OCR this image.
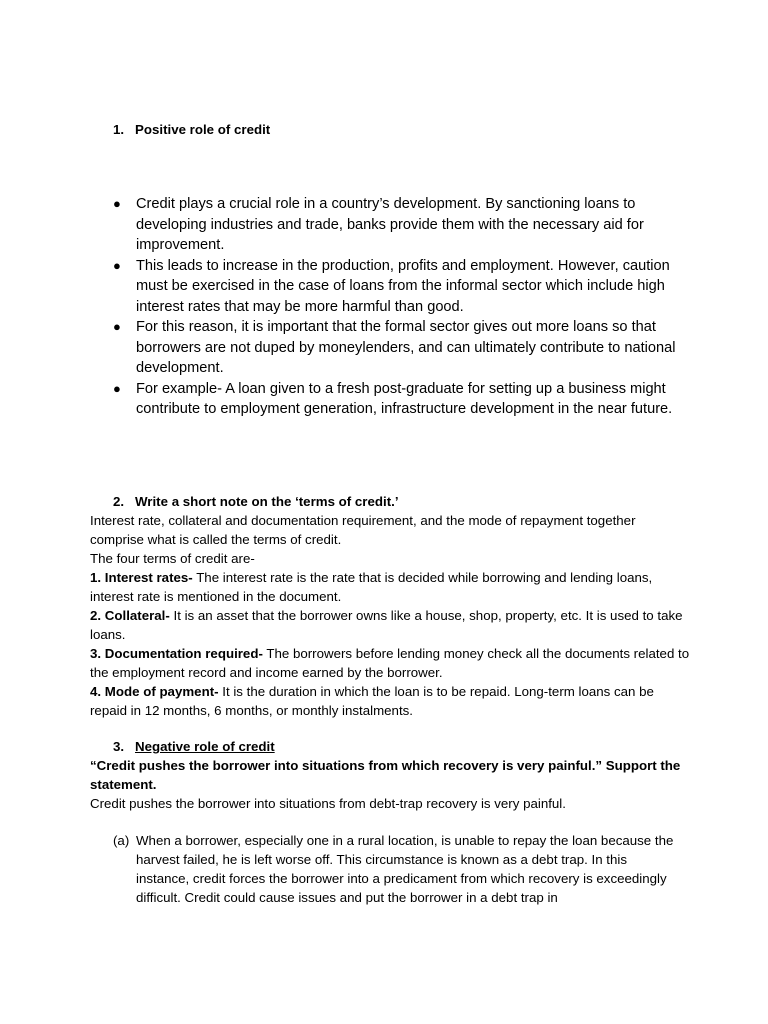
1. Positive role of credit
● Credit plays a crucial role in a country’s development. By sanctioning loans to developing industries and trade, banks provide them with the necessary aid for improvement.
● This leads to increase in the production, profits and employment. However, caution must be exercised in the case of loans from the informal sector which include high interest rates that may be more harmful than good.
● For this reason, it is important that the formal sector gives out more loans so that borrowers are not duped by moneylenders, and can ultimately contribute to national development.
● For example- A loan given to a fresh post-graduate for setting up a business might contribute to employment generation, infrastructure development in the near future.
2. Write a short note on the ‘terms of credit.’

Interest rate, collateral and documentation requirement, and the mode of repayment together comprise what is called the terms of credit.

The four terms of credit are-

1. Interest rates- The interest rate is the rate that is decided while borrowing and lending loans, interest rate is mentioned in the document.

2. Collateral- It is an asset that the borrower owns like a house, shop, property, etc. It is used to take loans.

3. Documentation required- The borrowers before lending money check all the documents related to the employment record and income earned by the borrower.

4. Mode of payment- It is the duration in which the loan is to be repaid. Long-term loans can be repaid in 12 months, 6 months, or monthly instalments.

3. Negative role of credit

“Credit pushes the borrower into situations from which recovery is very painful.” Support the statement.

Credit pushes the borrower into situations from debt-trap recovery is very painful.

(a) When a borrower, especially one in a rural location, is unable to repay the loan because the harvest failed, he is left worse off. This circumstance is known as a debt trap. In this instance, credit forces the borrower into a predicament from which recovery is exceedingly difficult. Credit could cause issues and put the borrower in a debt trap in
